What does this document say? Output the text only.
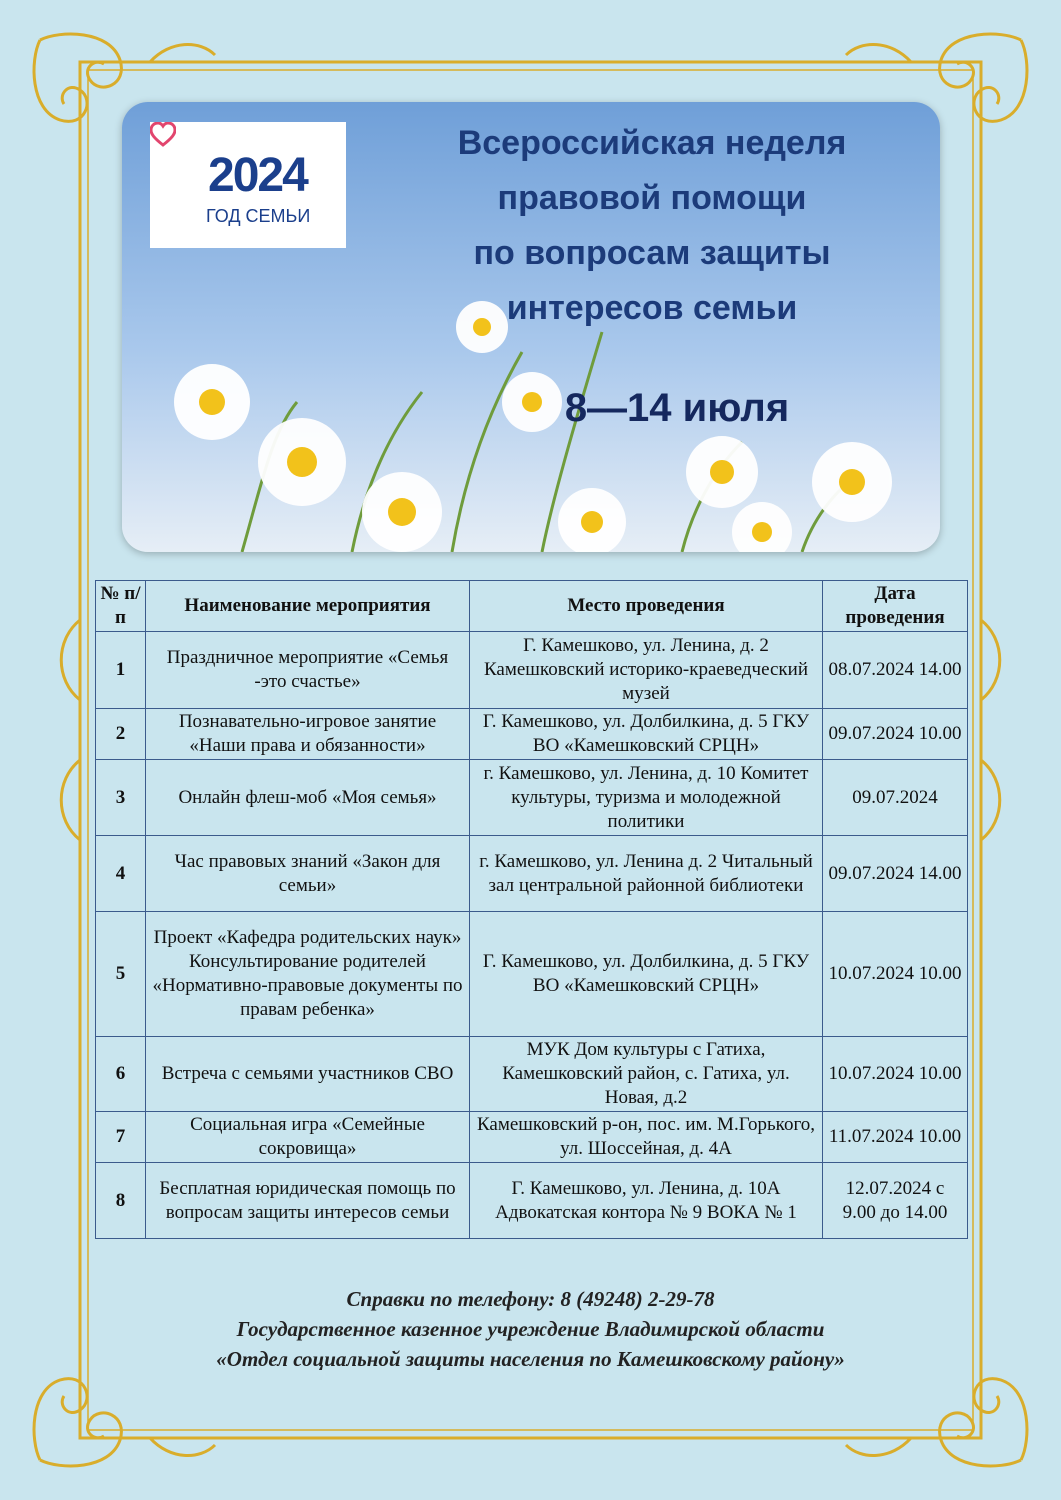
2024
ГОД СЕМЬИ
Всероссийская неделя
правовой помощи
по вопросам защиты
интересов семьи
8—14 июля
№ п/п	Наименование мероприятия	Место проведения	Дата проведения
1	Праздничное мероприятие «Семья -это счастье»	Г. Камешково, ул. Ленина, д. 2 Камешковский историко-краеведческий музей	08.07.2024 14.00
2	Познавательно-игровое занятие «Наши права и обязанности»	Г. Камешково, ул. Долбилкина, д. 5 ГКУ ВО «Камешковский СРЦН»	09.07.2024 10.00
3	Онлайн флеш-моб «Моя семья»	г. Камешково, ул. Ленина, д. 10 Комитет культуры, туризма и молодежной политики	09.07.2024
4	Час правовых знаний «Закон для семьи»	г. Камешково, ул. Ленина д. 2 Читальный зал центральной районной библиотеки	09.07.2024 14.00
5	Проект «Кафедра родительских наук» Консультирование родителей «Нормативно-правовые документы по правам ребенка»	Г. Камешково, ул. Долбилкина, д. 5 ГКУ ВО «Камешковский СРЦН»	10.07.2024 10.00
6	Встреча с семьями участников СВО	МУК Дом культуры с Гатиха, Камешковский район, с. Гатиха, ул. Новая, д.2	10.07.2024 10.00
7	Социальная игра «Семейные сокровища»	Камешковский р-он, пос. им. М.Горького, ул. Шоссейная, д. 4А	11.07.2024 10.00
8	Бесплатная юридическая помощь по вопросам защиты интересов семьи	Г. Камешково, ул. Ленина, д. 10А Адвокатская контора № 9 ВОКА № 1	12.07.2024 с 9.00 до 14.00
Справки по телефону: 8 (49248) 2-29-78
Государственное казенное учреждение Владимирской области
«Отдел социальной защиты населения по Камешковскому району»
